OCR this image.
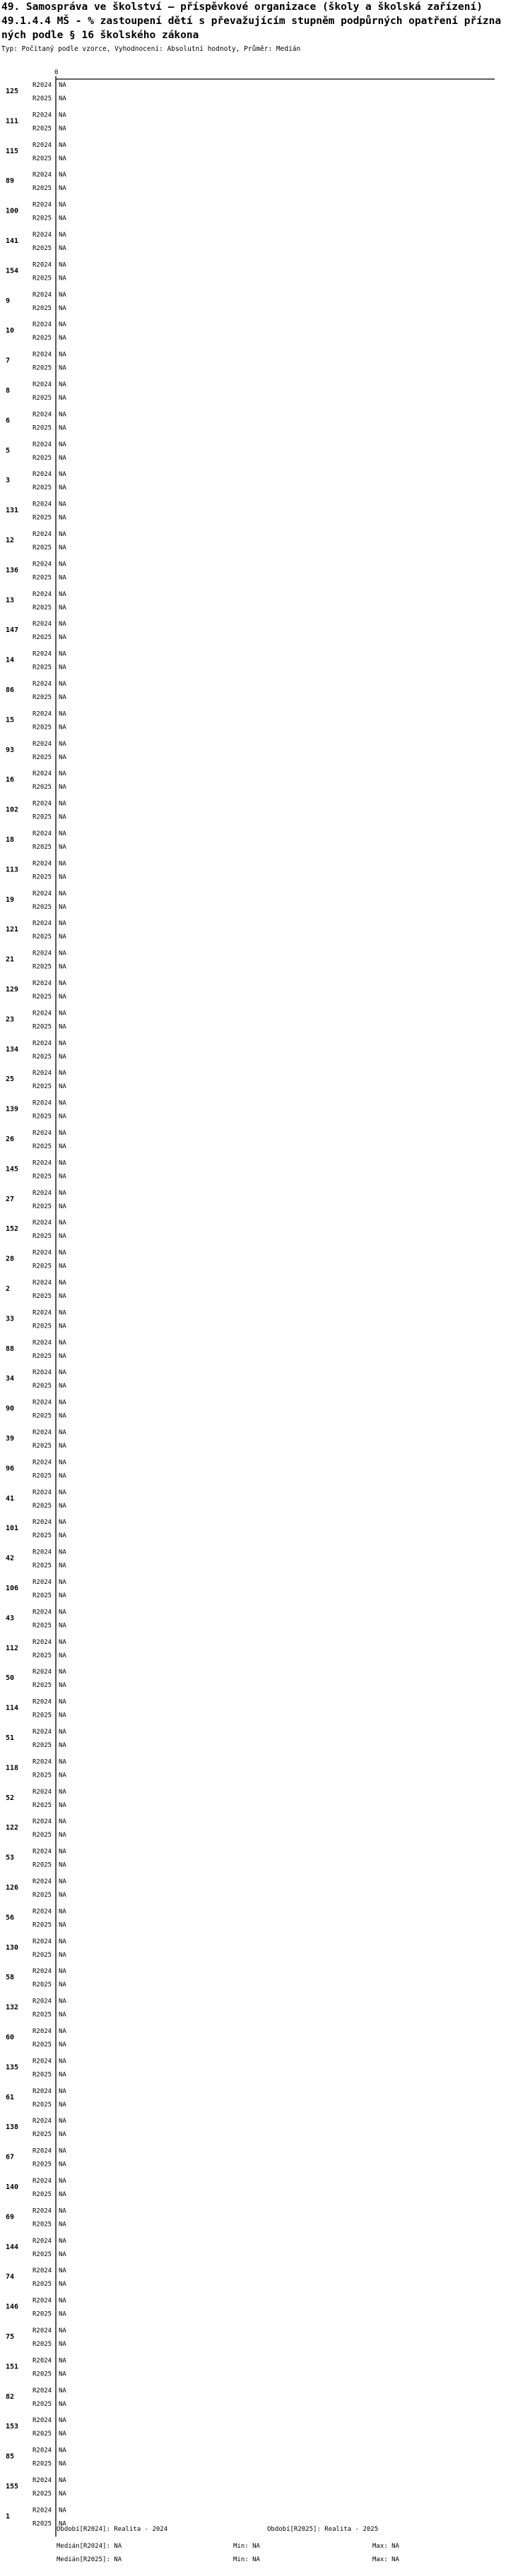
49. Samospráva ve školství – příspěvkové organizace (školy a školská zařízení)
49.1.4.4 MŠ - % zastoupení dětí s převažujícím stupněm podpůrných opatření přízna
ných podle § 16 školského zákona
Typ: Počítaný podle vzorce, Vyhodnocení: Absolutní hodnoty, Průměr: Medián
125
R2024 NA
R2025 NA
111
R2024 NA
R2025 NA
115
R2024 NA
R2025 NA
89
R2024 NA
R2025 NA
100
R2024 NA
R2025 NA
141
R2024 NA
R2025 NA
154
R2024 NA
R2025 NA
9
R2024 NA
R2025 NA
10
R2024 NA
R2025 NA
7
R2024 NA
R2025 NA
8
R2024 NA
R2025 NA
6
R2024 NA
R2025 NA
5
R2024 NA
R2025 NA
3
R2024 NA
R2025 NA
131
R2024 NA
R2025 NA
12
R2024 NA
R2025 NA
136
R2024 NA
R2025 NA
13
R2024 NA
R2025 NA
147
R2024 NA
R2025 NA
14
R2024 NA
R2025 NA
86
R2024 NA
R2025 NA
15
R2024 NA
R2025 NA
93
R2024 NA
R2025 NA
16
R2024 NA
R2025 NA
102
R2024 NA
R2025 NA
18
R2024 NA
R2025 NA
113
R2024 NA
R2025 NA
19
R2024 NA
R2025 NA
121
R2024 NA
R2025 NA
21
R2024 NA
R2025 NA
129
R2024 NA
R2025 NA
23
R2024 NA
R2025 NA
134
R2024 NA
R2025 NA
25
R2024 NA
R2025 NA
139
R2024 NA
R2025 NA
26
R2024 NA
R2025 NA
145
R2024 NA
R2025 NA
27
R2024 NA
R2025 NA
152
R2024 NA
R2025 NA
28
R2024 NA
R2025 NA
2
R2024 NA
R2025 NA
33
R2024 NA
R2025 NA
88
R2024 NA
R2025 NA
34
R2024 NA
R2025 NA
90
R2024 NA
R2025 NA
39
R2024 NA
R2025 NA
96
R2024 NA
R2025 NA
41
R2024 NA
R2025 NA
101
R2024 NA
R2025 NA
42
R2024 NA
R2025 NA
106
R2024 NA
R2025 NA
43
R2024 NA
R2025 NA
112
R2024 NA
R2025 NA
50
R2024 NA
R2025 NA
114
R2024 NA
R2025 NA
51
R2024 NA
R2025 NA
118
R2024 NA
R2025 NA
52
R2024 NA
R2025 NA
122
R2024 NA
R2025 NA
53
R2024 NA
R2025 NA
126
R2024 NA
R2025 NA
56
R2024 NA
R2025 NA
130
R2024 NA
R2025 NA
58
R2024 NA
R2025 NA
132
R2024 NA
R2025 NA
60
R2024 NA
R2025 NA
135
R2024 NA
R2025 NA
61
R2024 NA
R2025 NA
138
R2024 NA
R2025 NA
67
R2024 NA
R2025 NA
140
R2024 NA
R2025 NA
69
R2024 NA
R2025 NA
144
R2024 NA
R2025 NA
74
R2024 NA
R2025 NA
146
R2024 NA
R2025 NA
75
R2024 NA
R2025 NA
151
R2024 NA
R2025 NA
82
R2024 NA
R2025 NA
153
R2024 NA
R2025 NA
85
R2024 NA
R2025 NA
155
R2024 NA
R2025 NA
1
R2024 NA
R2025 NA
0
Období[R2024]: Realita - 2024	Období[R2025]: Realita - 2025
Medián[R2024]: NA	Min: NA	Max: NA
Medián[R2025]: NA	Min: NA	Max: NA
